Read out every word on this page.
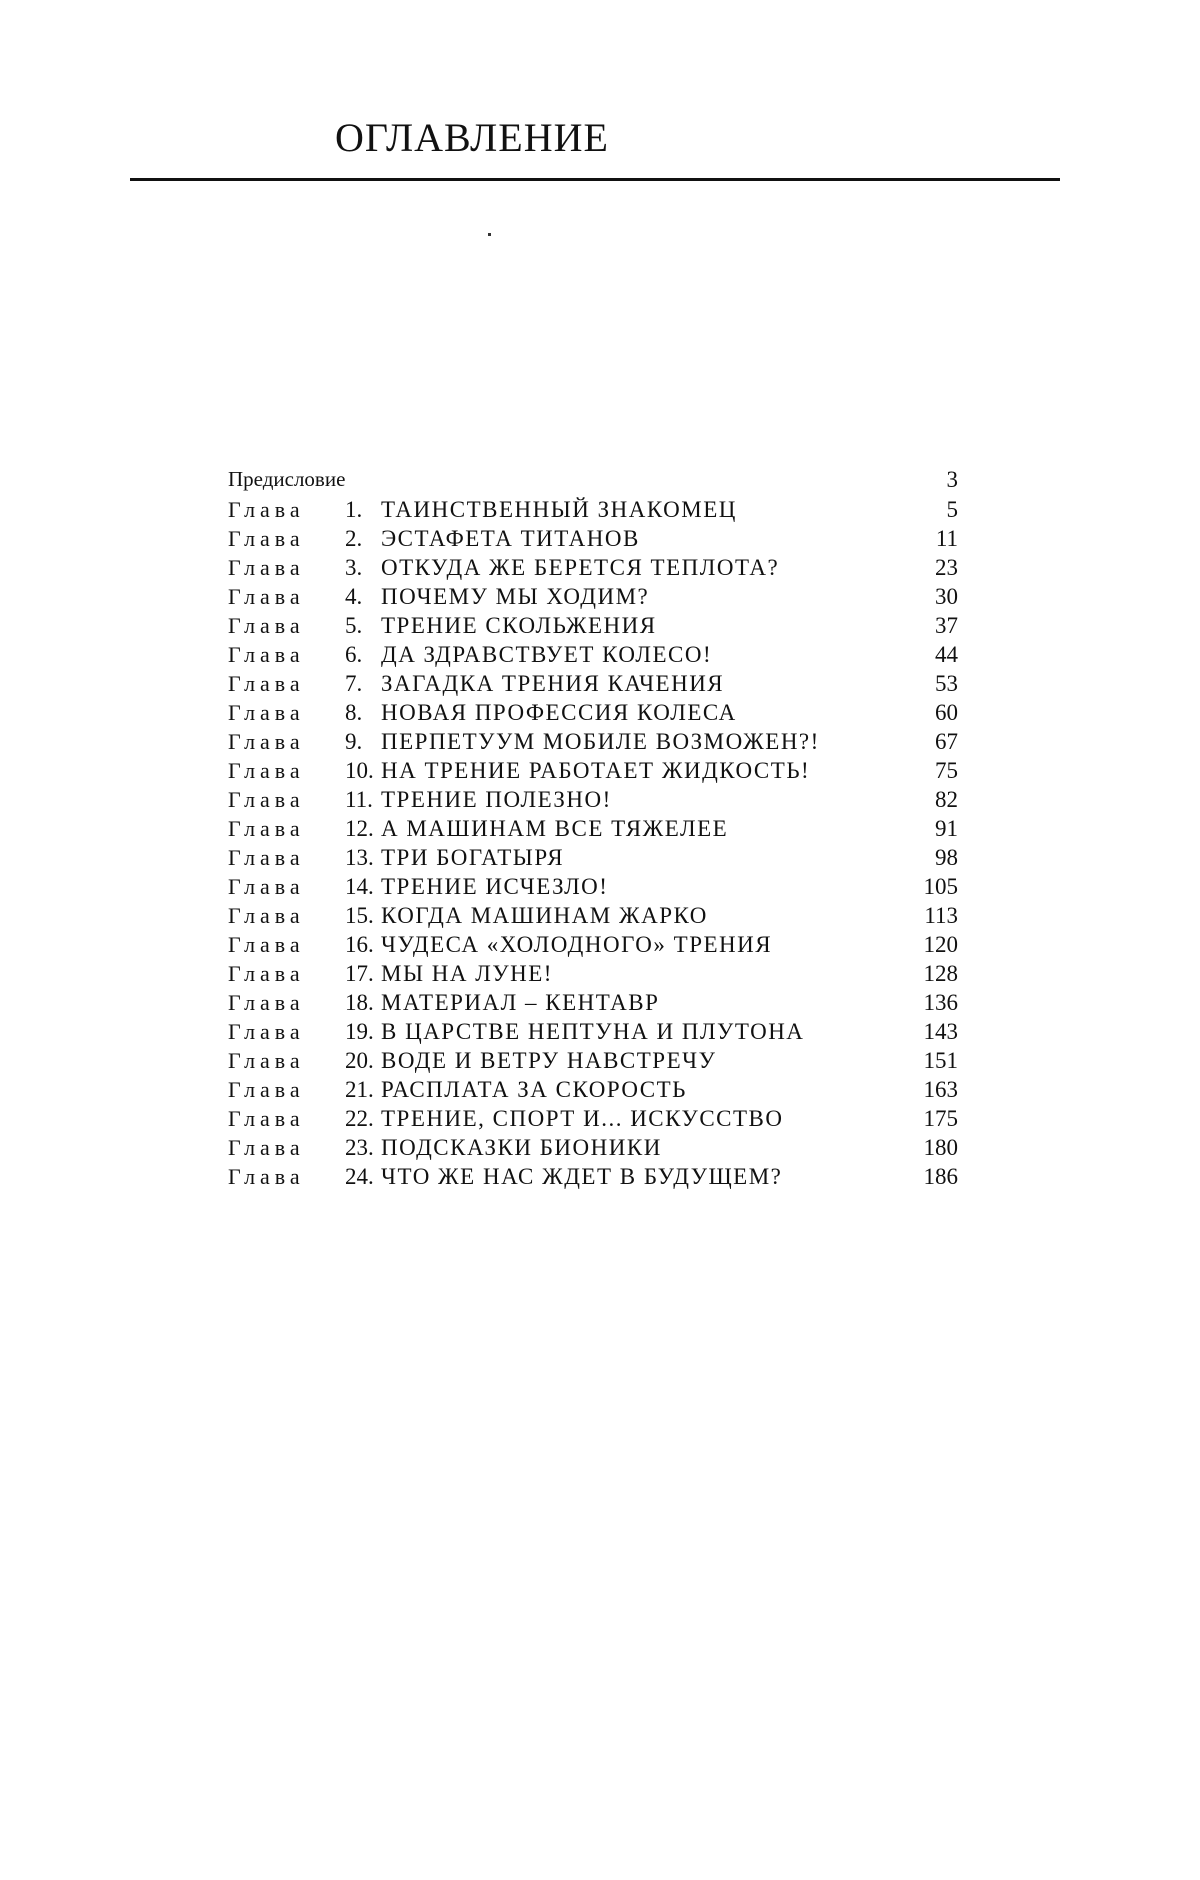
ОГЛАВЛЕНИЕ
Предисловие	3
Глава 1. ТАИНСТВЕННЫЙ ЗНАКОМЕЦ	5
Глава 2. ЭСТАФЕТА ТИТАНОВ	11
Глава 3. ОТКУДА ЖЕ БЕРЕТСЯ ТЕПЛОТА?	23
Глава 4. ПОЧЕМУ МЫ ХОДИМ?	30
Глава 5. ТРЕНИЕ СКОЛЬЖЕНИЯ	37
Глава 6. ДА ЗДРАВСТВУЕТ КОЛЕСО!	44
Глава 7. ЗАГАДКА ТРЕНИЯ КАЧЕНИЯ	53
Глава 8. НОВАЯ ПРОФЕССИЯ КОЛЕСА	60
Глава 9. ПЕРПЕТУУМ МОБИЛЕ ВОЗМОЖЕН?!	67
Глава 10. НА ТРЕНИЕ РАБОТАЕТ ЖИДКОСТЬ!	75
Глава 11. ТРЕНИЕ ПОЛЕЗНО!	82
Глава 12. А МАШИНАМ ВСЕ ТЯЖЕЛЕЕ	91
Глава 13. ТРИ БОГАТЫРЯ	98
Глава 14. ТРЕНИЕ ИСЧЕЗЛО!	105
Глава 15. КОГДА МАШИНАМ ЖАРКО	113
Глава 16. ЧУДЕСА «ХОЛОДНОГО» ТРЕНИЯ	120
Глава 17. МЫ НА ЛУНЕ!	128
Глава 18. МАТЕРИАЛ – КЕНТАВР	136
Глава 19. В ЦАРСТВЕ НЕПТУНА И ПЛУТОНА	143
Глава 20. ВОДЕ И ВЕТРУ НАВСТРЕЧУ	151
Глава 21. РАСПЛАТА ЗА СКОРОСТЬ	163
Глава 22. ТРЕНИЕ, СПОРТ И... ИСКУССТВО	175
Глава 23. ПОДСКАЗКИ БИОНИКИ	180
Глава 24. ЧТО ЖЕ НАС ЖДЕТ В БУДУЩЕМ?	186
